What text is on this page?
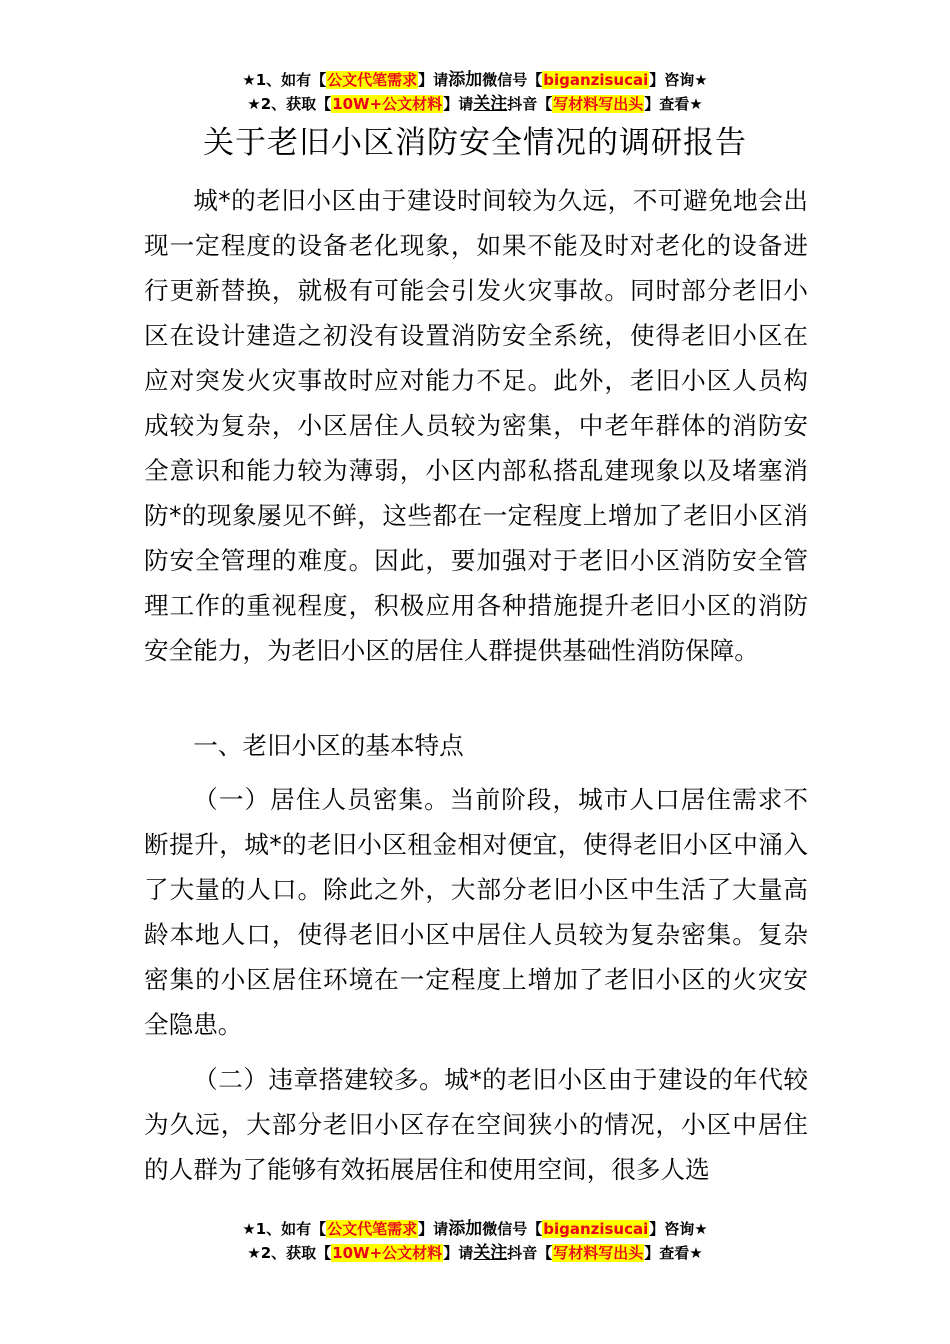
★1、如有【公文代笔需求】请添加微信号【biganzisucai】咨询★
★2、获取【10W+公文材料】请关注抖音【写材料写出头】查看★
关于老旧小区消防安全情况的调研报告

城*的老旧小区由于建设时间较为久远，不可避免地会出现一定程度的设备老化现象，如果不能及时对老化的设备进行更新替换，就极有可能会引发火灾事故。同时部分老旧小区在设计建造之初没有设置消防安全系统，使得老旧小区在应对突发火灾事故时应对能力不足。此外，老旧小区人员构成较为复杂，小区居住人员较为密集，中老年群体的消防安全意识和能力较为薄弱，小区内部私搭乱建现象以及堵塞消防*的现象屡见不鲜，这些都在一定程度上增加了老旧小区消防安全管理的难度。因此，要加强对于老旧小区消防安全管理工作的重视程度，积极应用各种措施提升老旧小区的消防安全能力，为老旧小区的居住人群提供基础性消防保障。

一、老旧小区的基本特点

（一）居住人员密集。当前阶段，城市人口居住需求不断提升，城*的老旧小区租金相对便宜，使得老旧小区中涌入了大量的人口。除此之外，大部分老旧小区中生活了大量高龄本地人口，使得老旧小区中居住人员较为复杂密集。复杂密集的小区居住环境在一定程度上增加了老旧小区的火灾安全隐患。

（二）违章搭建较多。城*的老旧小区由于建设的年代较为久远，大部分老旧小区存在空间狭小的情况，小区中居住的人群为了能够有效拓展居住和使用空间，很多人选

★1、如有【公文代笔需求】请添加微信号【biganzisucai】咨询★
★2、获取【10W+公文材料】请关注抖音【写材料写出头】查看★
